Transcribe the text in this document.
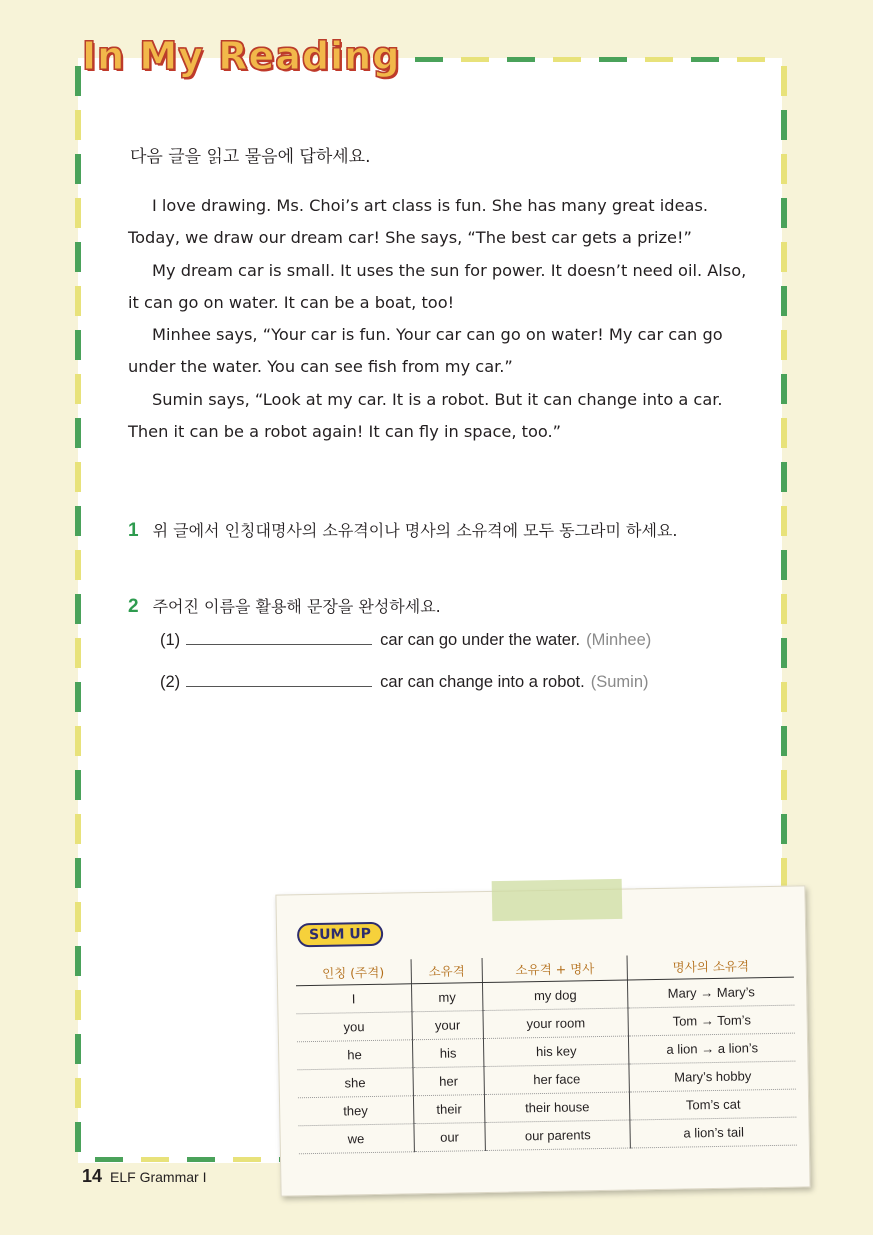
In My Reading
다음 글을 읽고 물음에 답하세요.

I love drawing. Ms. Choi’s art class is fun. She has many great ideas. Today, we draw our dream car! She says, “The best car gets a prize!”

My dream car is small. It uses the sun for power. It doesn’t need oil. Also, it can go on water. It can be a boat, too!

Minhee says, “Your car is fun. Your car can go on water! My car can go under the water. You can see fish from my car.”

Sumin says, “Look at my car. It is a robot. But it can change into a car. Then it can be a robot again! It can fly in space, too.”

1 위 글에서 인칭대명사의 소유격이나 명사의 소유격에 모두 동그라미 하세요.
2 주어진 이름을 활용해 문장을 완성하세요.
(1)	car can go under the water. (Minhee)
(2)	car can change into a robot. (Sumin)
SUM UP
인칭 (주격)	소유격	소유격 + 명사	명사의 소유격
I	my	my dog	Mary → Mary’s
you	your	your room	Tom → Tom’s
he	his	his key	a lion → a lion’s
she	her	her face	Mary’s hobby
they	their	their house	Tom’s cat
we	our	our parents	a lion’s tail
14 ELF Grammar I
